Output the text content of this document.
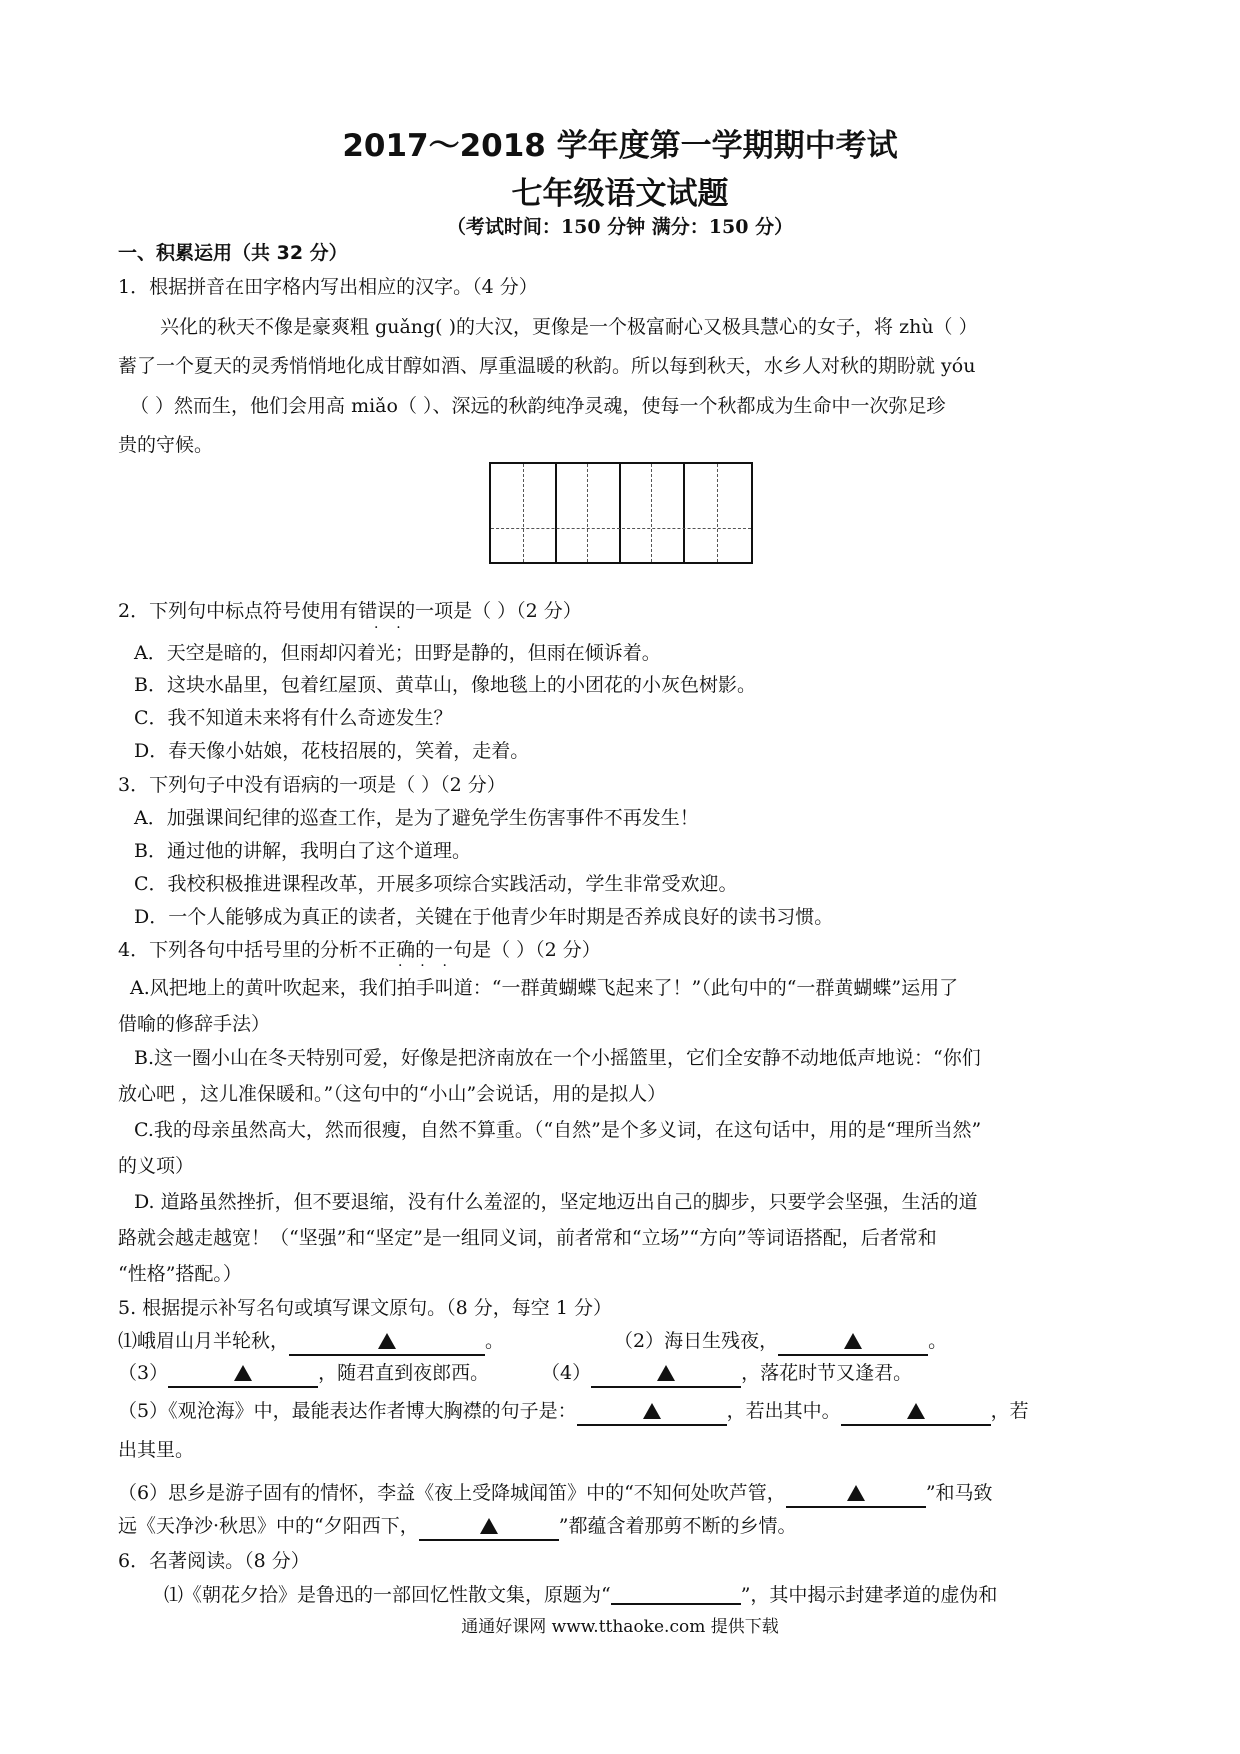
2017～2018 学年度第一学期期中考试
七年级语文试题
（考试时间：150 分钟 满分：150 分）
一、积累运用（共 32 分）
1．根据拼音在田字格内写出相应的汉字。（4 分）
兴化的秋天不像是豪爽粗 guǎng( )的大汉，更像是一个极富耐心又极具慧心的女子，将 zhù（ ）
蓄了一个夏天的灵秀悄悄地化成甘醇如酒、厚重温暖的秋韵。所以每到秋天，水乡人对秋的期盼就 yóu
（ ）然而生，他们会用高 miǎo（ ）、深远的秋韵纯净灵魂，使每一个秋都成为生命中一次弥足珍
贵的守候。
2．下列句中标点符号使用有错误的一项是（ ）（2 分）
·    ·
A．天空是暗的，但雨却闪着光；田野是静的，但雨在倾诉着。
B．这块水晶里，包着红屋顶、黄草山，像地毯上的小团花的小灰色树影。
C．我不知道未来将有什么奇迹发生？
D．春天像小姑娘，花枝招展的，笑着，走着。
3．下列句子中没有语病的一项是（ ）（2 分）
A．加强课间纪律的巡查工作，是为了避免学生伤害事件不再发生！
B．通过他的讲解，我明白了这个道理。
C．我校积极推进课程改革，开展多项综合实践活动，学生非常受欢迎。
D．一个人能够成为真正的读者，关键在于他青少年时期是否养成良好的读书习惯。
4．下列各句中括号里的分析不正确的一句是（ ）（2 分）
·    ·    ·
A.风把地上的黄叶吹起来，我们拍手叫道：“一群黄蝴蝶飞起来了！”（此句中的“一群黄蝴蝶”运用了
借喻的修辞手法）
B.这一圈小山在冬天特别可爱，好像是把济南放在一个小摇篮里，它们全安静不动地低声地说：“你们
放心吧 ，这儿准保暖和。”（这句中的“小山”会说话，用的是拟人）
C.我的母亲虽然高大，然而很瘦，自然不算重。（“自然”是个多义词，在这句话中，用的是“理所当然”
的义项）
D. 道路虽然挫折，但不要退缩，没有什么羞涩的，坚定地迈出自己的脚步，只要学会坚强，生活的道
路就会越走越宽！（“坚强”和“坚定”是一组同义词，前者常和“立场”“方向”等词语搭配，后者常和
“性格”搭配。）
5. 根据提示补写名句或填写课文原句。（8 分，每空 1 分）
⑴峨眉山月半轮秋，	。	（2）海日生残夜，	。
（3）	，随君直到夜郎西。	（4）	，落花时节又逢君。
（5）《观沧海》中，最能表达作者博大胸襟的句子是：	，若出其中。	，若
出其里。
（6）思乡是游子固有的情怀，李益《夜上受降城闻笛》中的“不知何处吹芦管，	”和马致
远《天净沙·秋思》中的“夕阳西下，	”都蕴含着那剪不断的乡情。
6．名著阅读。（8 分）
⑴《朝花夕拾》是鲁迅的一部回忆性散文集，原题为“	”，其中揭示封建孝道的虚伪和
通通好课网 www.tthaoke.com 提供下载
